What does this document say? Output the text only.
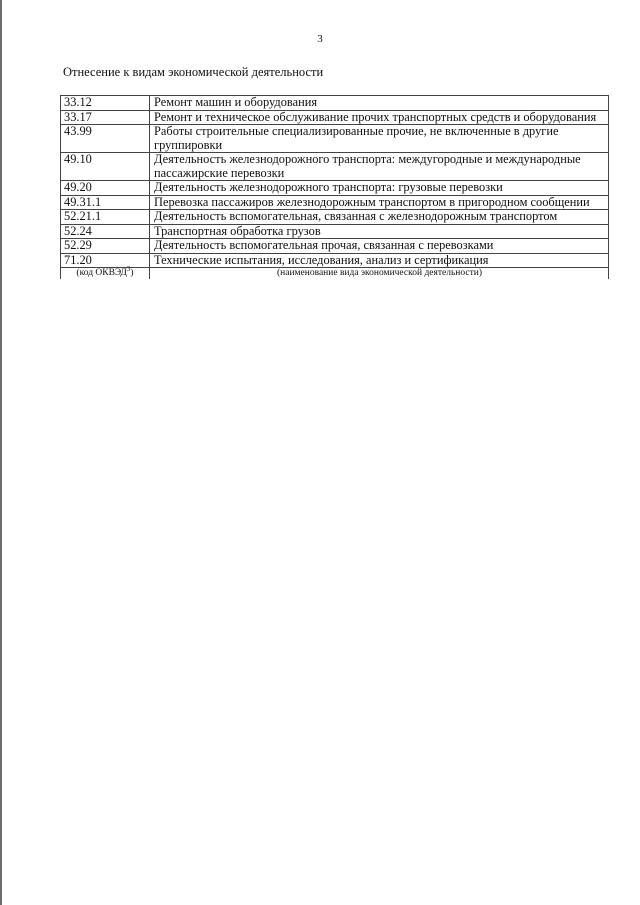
3
Отнесение к видам экономической деятельности
33.12	Ремонт машин и оборудования
33.17	Ремонт и техническое обслуживание прочих транспортных средств и оборудования
43.99	Работы строительные специализированные прочие, не включенные в другие группировки
49.10	Деятельность железнодорожного транспорта: междугородные и международные пассажирские перевозки
49.20	Деятельность железнодорожного транспорта: грузовые перевозки
49.31.1	Перевозка пассажиров железнодорожным транспортом в пригородном сообщении
52.21.1	Деятельность вспомогательная, связанная с железнодорожным транспортом
52.24	Транспортная обработка грузов
52.29	Деятельность вспомогательная прочая, связанная с перевозками
71.20	Технические испытания, исследования, анализ и сертификация
(код ОКВЭД$^3$)	(наименование вида экономической деятельности)
